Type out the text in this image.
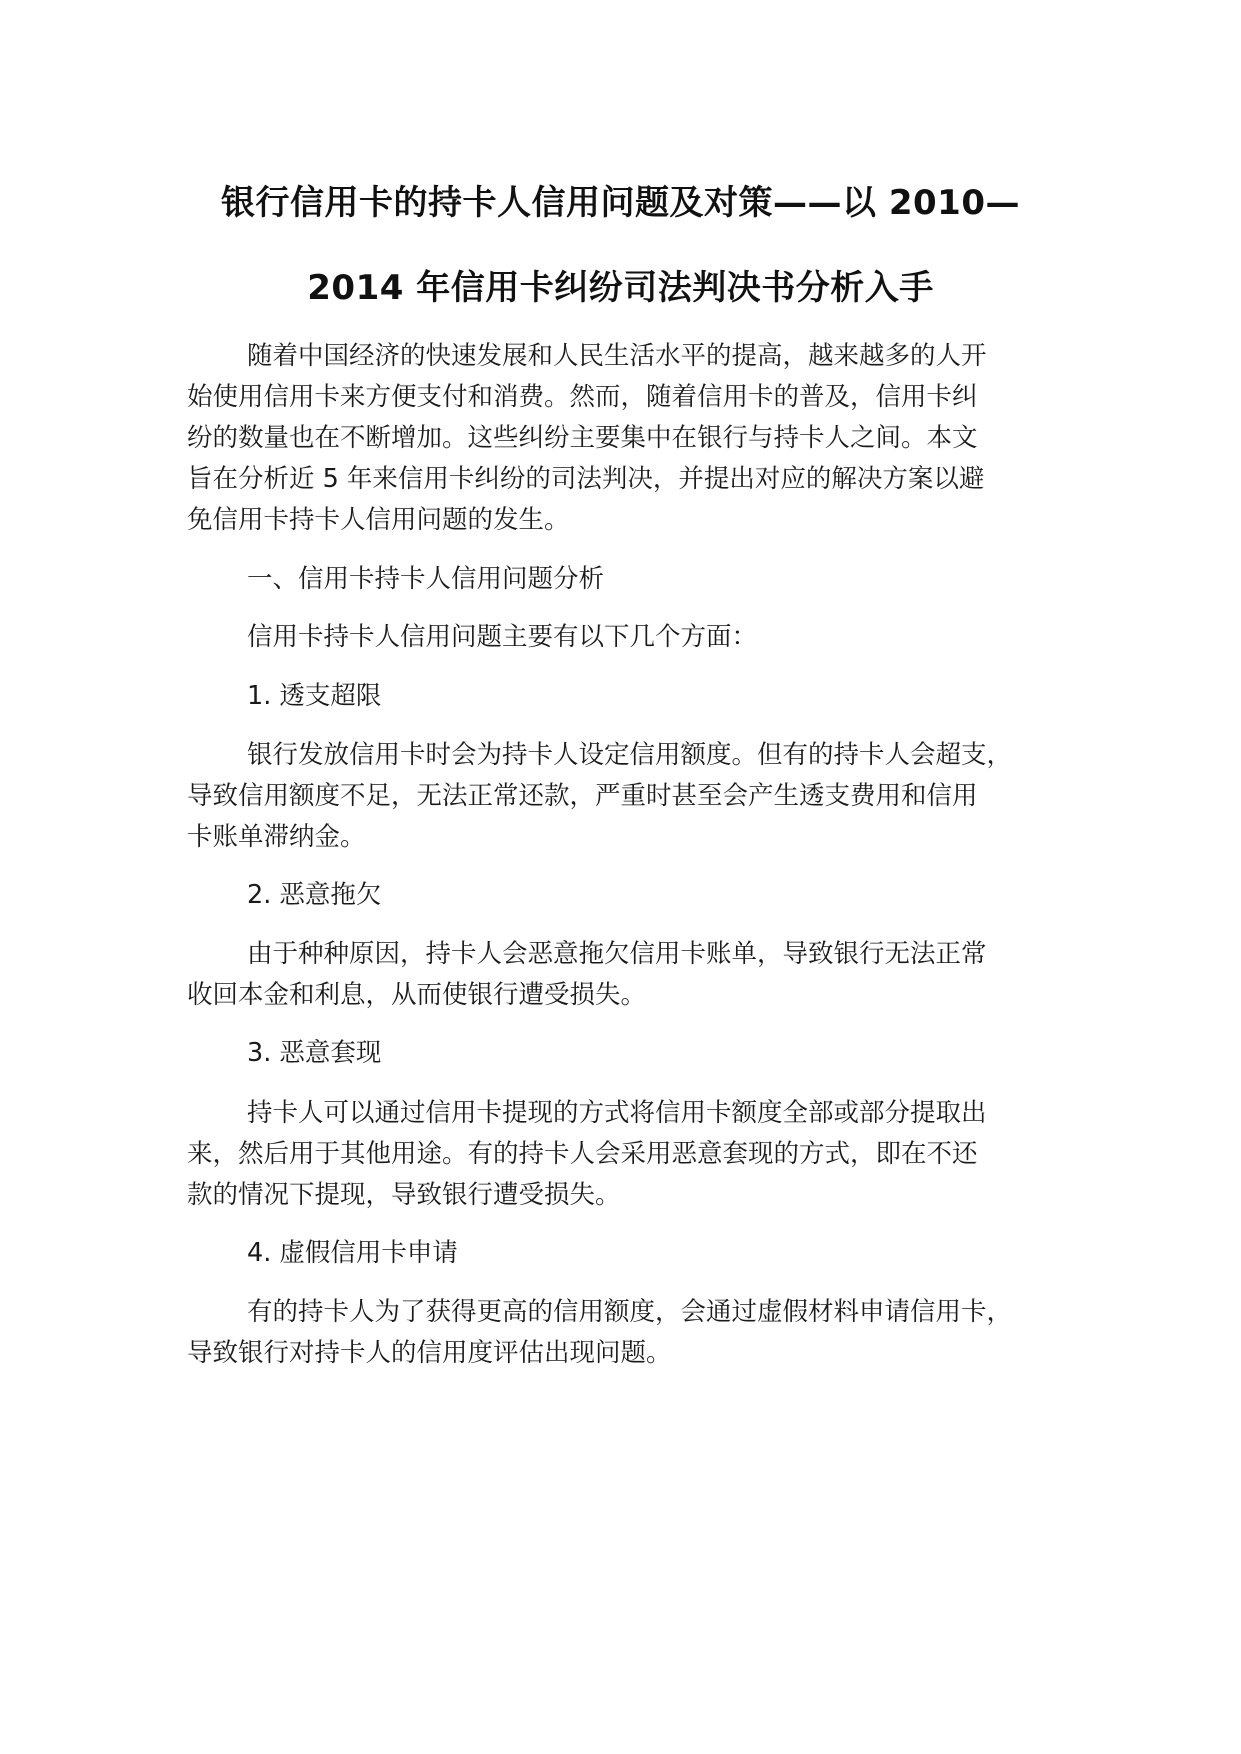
银行信用卡的持卡人信用问题及对策——以 2010—
2014 年信用卡纠纷司法判决书分析入手
随着中国经济的快速发展和人民生活水平的提高，越来越多的人开
始使用信用卡来方便支付和消费。然而，随着信用卡的普及，信用卡纠
纷的数量也在不断增加。这些纠纷主要集中在银行与持卡人之间。本文
旨在分析近 5 年来信用卡纠纷的司法判决，并提出对应的解决方案以避
免信用卡持卡人信用问题的发生。
一、信用卡持卡人信用问题分析
信用卡持卡人信用问题主要有以下几个方面：
1. 透支超限
银行发放信用卡时会为持卡人设定信用额度。但有的持卡人会超支，
导致信用额度不足，无法正常还款，严重时甚至会产生透支费用和信用
卡账单滞纳金。
2. 恶意拖欠
由于种种原因，持卡人会恶意拖欠信用卡账单，导致银行无法正常
收回本金和利息，从而使银行遭受损失。
3. 恶意套现
持卡人可以通过信用卡提现的方式将信用卡额度全部或部分提取出
来，然后用于其他用途。有的持卡人会采用恶意套现的方式，即在不还
款的情况下提现，导致银行遭受损失。
4. 虚假信用卡申请
有的持卡人为了获得更高的信用额度，会通过虚假材料申请信用卡，
导致银行对持卡人的信用度评估出现问题。
